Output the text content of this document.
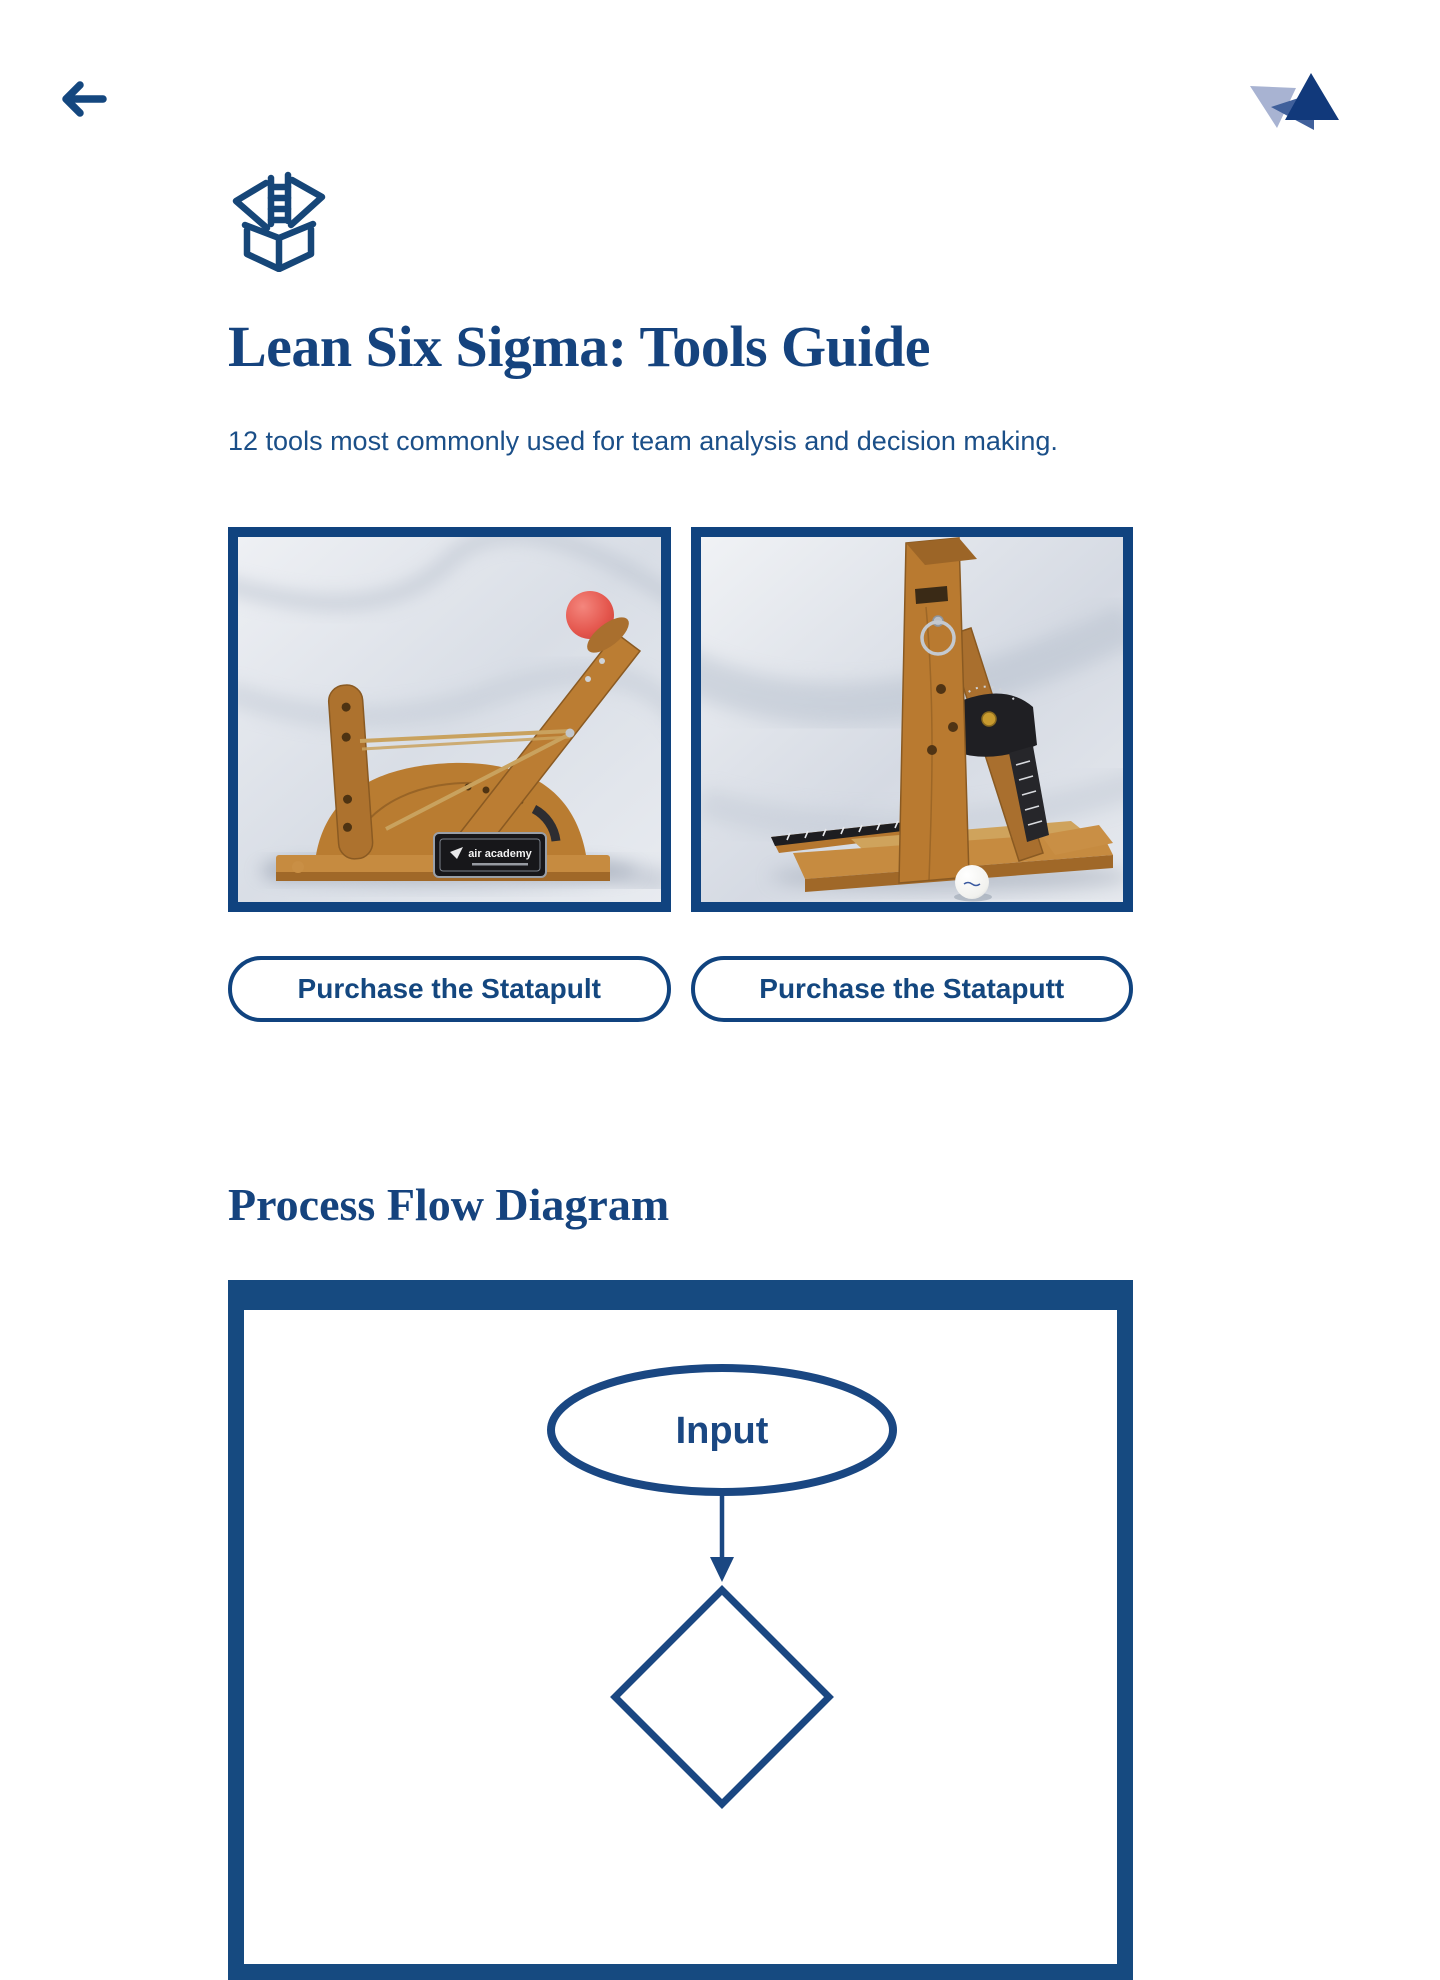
Lean Six Sigma: Tools Guide

12 tools most commonly used for team analysis and decision making.

air academy
Purchase the Statapult	Purchase the Stataputt
Process Flow Diagram
Input
